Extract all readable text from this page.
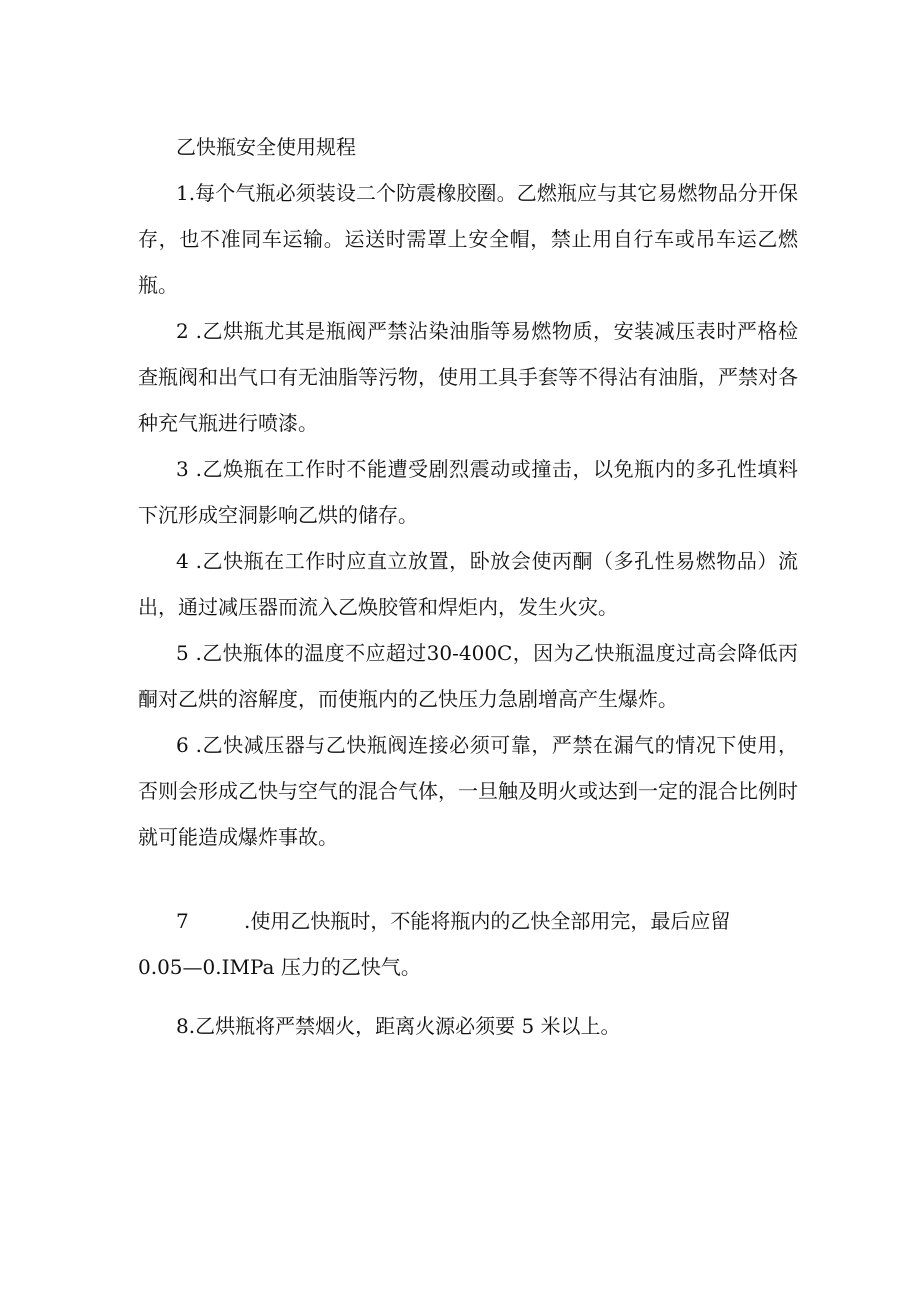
乙快瓶安全使用规程

1.每个气瓶必须装设二个防震橡胶圈。乙燃瓶应与其它易燃物品分开保存，也不准同车运输。运送时需罩上安全帽，禁止用自行车或吊车运乙燃瓶。

2 .乙烘瓶尤其是瓶阀严禁沾染油脂等易燃物质，安装减压表时严格检查瓶阀和出气口有无油脂等污物，使用工具手套等不得沾有油脂，严禁对各种充气瓶进行喷漆。

3 .乙焕瓶在工作时不能遭受剧烈震动或撞击，以免瓶内的多孔性填料下沉形成空洞影响乙烘的储存。

4 .乙快瓶在工作时应直立放置，卧放会使丙酮（多孔性易燃物品）流出，通过减压器而流入乙焕胶管和焊炬内，发生火灾。

5 .乙快瓶体的温度不应超过30-400C，因为乙快瓶温度过高会降低丙酮对乙烘的溶解度，而使瓶内的乙快压力急剧增高产生爆炸。

6 .乙快减压器与乙快瓶阀连接必须可靠，严禁在漏气的情况下使用，否则会形成乙快与空气的混合气体，一旦触及明火或达到一定的混合比例时就可能造成爆炸事故。

7	.使用乙快瓶时，不能将瓶内的乙快全部用完，最后应留
0.05—0.IMPa 压力的乙快气。
8.乙烘瓶将严禁烟火，距离火源必须要 5 米以上。
